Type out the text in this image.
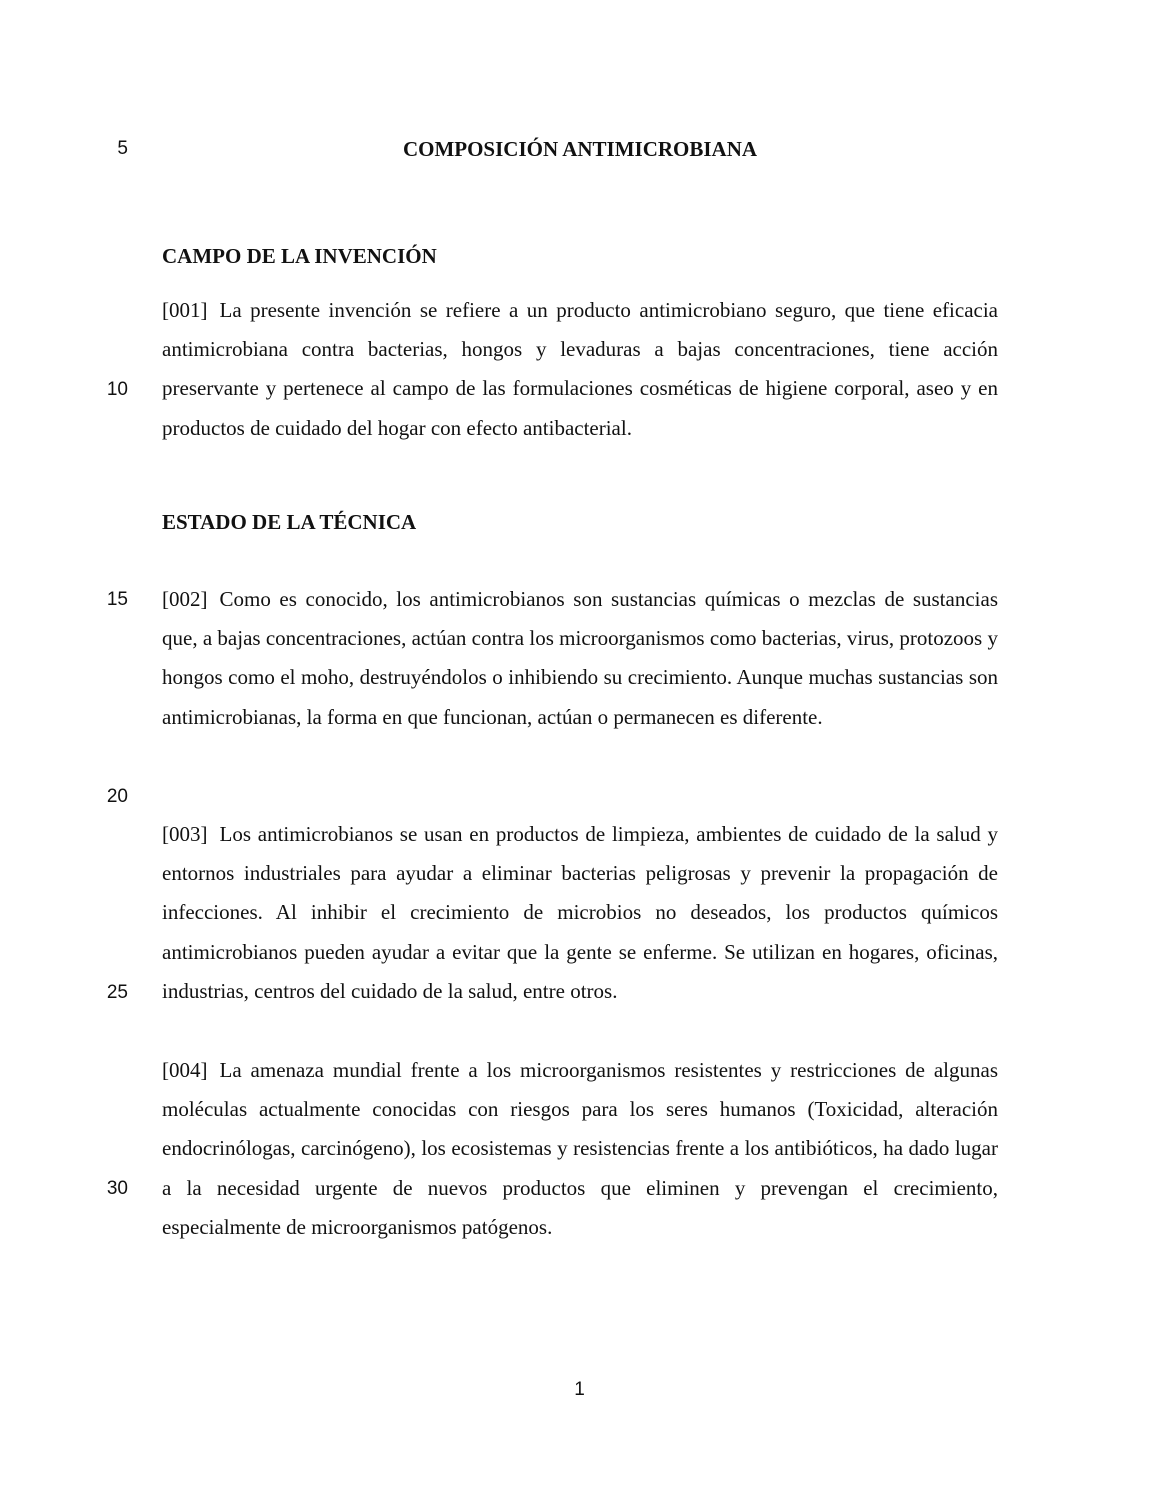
5
10
15
20
25
30
COMPOSICIÓN ANTIMICROBIANA
CAMPO DE LA INVENCIÓN

[001] La presente invención se refiere a un producto antimicrobiano seguro, que tiene eficacia antimicrobiana contra bacterias, hongos y levaduras a bajas concentraciones, tiene acción preservante y pertenece al campo de las formulaciones cosméticas de higiene corporal, aseo y en productos de cuidado del hogar con efecto antibacterial.

ESTADO DE LA TÉCNICA

[002] Como es conocido, los antimicrobianos son sustancias químicas o mezclas de sustancias que, a bajas concentraciones, actúan contra los microorganismos como bacterias, virus, protozoos y hongos como el moho, destruyéndolos o inhibiendo su crecimiento. Aunque muchas sustancias son antimicrobianas, la forma en que funcionan, actúan o permanecen es diferente.

[003] Los antimicrobianos se usan en productos de limpieza, ambientes de cuidado de la salud y entornos industriales para ayudar a eliminar bacterias peligrosas y prevenir la propagación de infecciones. Al inhibir el crecimiento de microbios no deseados, los productos químicos antimicrobianos pueden ayudar a evitar que la gente se enferme. Se utilizan en hogares, oficinas, industrias, centros del cuidado de la salud, entre otros.

[004] La amenaza mundial frente a los microorganismos resistentes y restricciones de algunas moléculas actualmente conocidas con riesgos para los seres humanos (Toxicidad, alteración endocrinólogas, carcinógeno), los ecosistemas y resistencias frente a los antibióticos, ha dado lugar a la necesidad urgente de nuevos productos que eliminen y prevengan el crecimiento, especialmente de microorganismos patógenos.

1
